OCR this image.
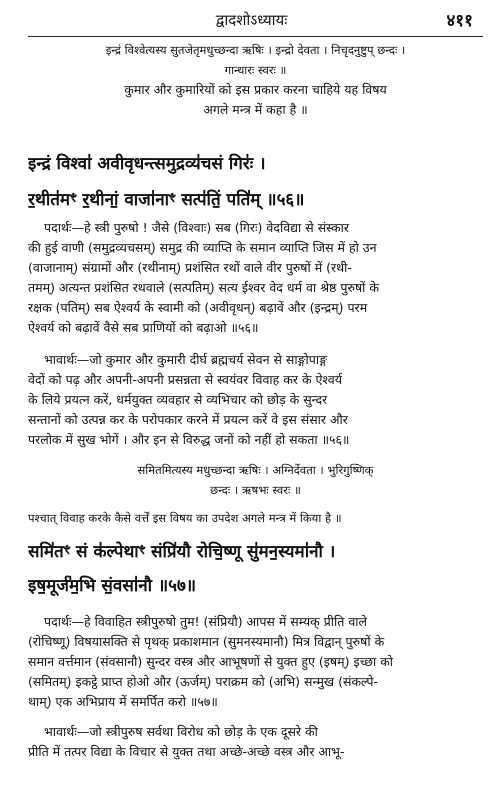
द्वादशोऽध्यायः	४११
इन्द्रं विश्वेत्यस्य सुतजेतृमधुच्छन्दा ऋषिः । इन्द्रो देवता । निचृदनुष्टुप् छन्दः ।
गान्धारः स्वरः ॥
कुमार और कुमारियों को इस प्रकार करना चाहिये यह विषय
अगले मन्त्र में कहा है ॥
इन्द्रं विश्वा॑ अवीवृधन्त्समुद्रव्य॑चसं गिरः॑ ।
र॒थीत॑मꣳ र॒थीनां॒ वाजा॑नाꣳ सत्प॑तिं॒ पति॑म् ॥५६॥
पदार्थः—हे स्त्री पुरुषो ! जैसे (विश्वाः) सब (गिरः) वेदविद्या से संस्कार
की हुई वाणी (समुद्रव्यचसम्) समुद्र की व्याप्ति के समान व्याप्ति जिस में हो उन
(वाजानाम्) संग्रामों और (रथीनाम्) प्रशंसित रथों वाले वीर पुरुषों में (रथी-
तमम्) अत्यन्त प्रशंसित रथवाले (सत्पतिम्) सत्य ईश्वर वेद धर्म वा श्रेष्ठ पुरुषों के
रक्षक (पतिम्) सब ऐश्वर्य के स्वामी को (अवीवृधन्) बढ़ावें और (इन्द्रम्) परम
ऐश्वर्य को बढ़ावें वैसे सब प्राणियों को बढ़ाओ ॥५६॥
भावार्थः—जो कुमार और कुमारी दीर्घ ब्रह्मचर्य सेवन से साङ्गोपाङ्ग
वेदों को पढ़ और अपनी-अपनी प्रसन्नता से स्वयंवर विवाह कर के ऐश्वर्य
के लिये प्रयत्न करें, धर्मयुक्त व्यवहार से व्यभिचार को छोड़ के सुन्दर
सन्तानों को उत्पन्न कर के परोपकार करने में प्रयत्न करें वे इस संसार और
परलोक में सुख भोगें । और इन से विरुद्ध जनों को नहीं हो सकता ॥५६॥
समितमित्यस्य मधुच्छन्दा ऋषिः । अग्निर्देवता । भुरिगुष्णिक्
छन्दः । ऋषभः स्वरः ॥
पश्चात् विवाह करके कैसे वर्त्तें इस विषय का उपदेश अगले मन्त्र में किया है ॥
समि॑तꣳ सं क॑ल्पेथाꣳ संप्रि॑यौ रोचि॒ष्णू सु॑मन॒स्यमा॑नौ ।
इष॒मूर्ज॑म॒भि सं॒वसा॑नौ ॥५७॥
पदार्थः—हे विवाहित स्त्रीपुरुषो तुम! (संप्रियौ) आपस में सम्यक् प्रीति वाले
(रोचिष्णू) विषयासक्ति से पृथक् प्रकाशमान (सुमनस्यमानौ) मित्र विद्वान् पुरुषों के
समान वर्त्तमान (संवसानौ) सुन्दर वस्त्र और आभूषणों से युक्त हुए (इषम्) इच्छा को
(समितम्) इकट्ठे प्राप्त होओ और (ऊर्जम्) पराक्रम को (अभि) सन्मुख (संकल्पे-
थाम्) एक अभिप्राय में समर्पित करो ॥५७॥
भावार्थः—जो स्त्रीपुरुष सर्वथा विरोध को छोड़ के एक दूसरे की
प्रीति में तत्पर विद्या के विचार से युक्त तथा अच्छे-अच्छे वस्त्र और आभू-
